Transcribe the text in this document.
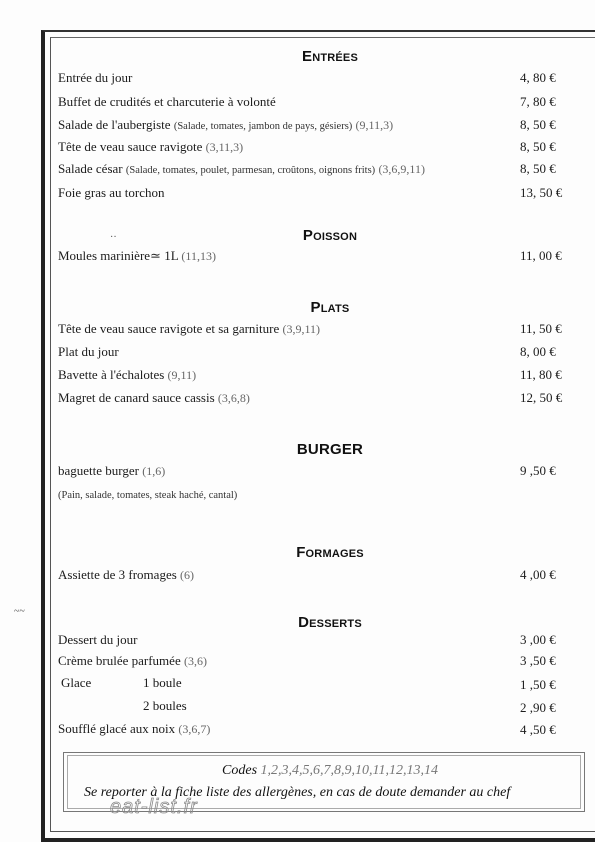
Entrées
Entrée du jour	4, 80 €
Buffet de crudités et charcuterie à volonté	7, 80 €
Salade de l'aubergiste (Salade, tomates, jambon de pays, gésiers) (9,11,3)	8, 50 €
Tête de veau sauce ravigote (3,11,3)	8, 50 €
Salade césar (Salade, tomates, poulet, parmesan, croûtons, oignons frits) (3,6,9,11)	8, 50 €
Foie gras au torchon	13, 50 €
Poisson
··
Moules marinière≃ 1L (11,13)	11, 00 €
Plats
Tête de veau sauce ravigote et sa garniture (3,9,11)	11, 50 €
Plat du jour	8, 00 €
Bavette à l'échalotes (9,11)	11, 80 €
Magret de canard sauce cassis (3,6,8)	12, 50 €
BURGER
baguette burger (1,6)	9 ,50 €
(Pain, salade, tomates, steak haché, cantal)
Formages
Assiette de 3 fromages (6)	4 ,00 €
~~
Desserts
Dessert du jour	3 ,00 €
Crème brulée parfumée (3,6)	3 ,50 €
Glace	1 boule	1 ,50 €
2 boules	2 ,90 €
Soufflé glacé aux noix (3,6,7)	4 ,50 €
Codes 1,2,3,4,5,6,7,8,9,10,11,12,13,14
Se reporter à la fiche liste des allergènes, en cas de doute demander au chef
eat-list.fr
